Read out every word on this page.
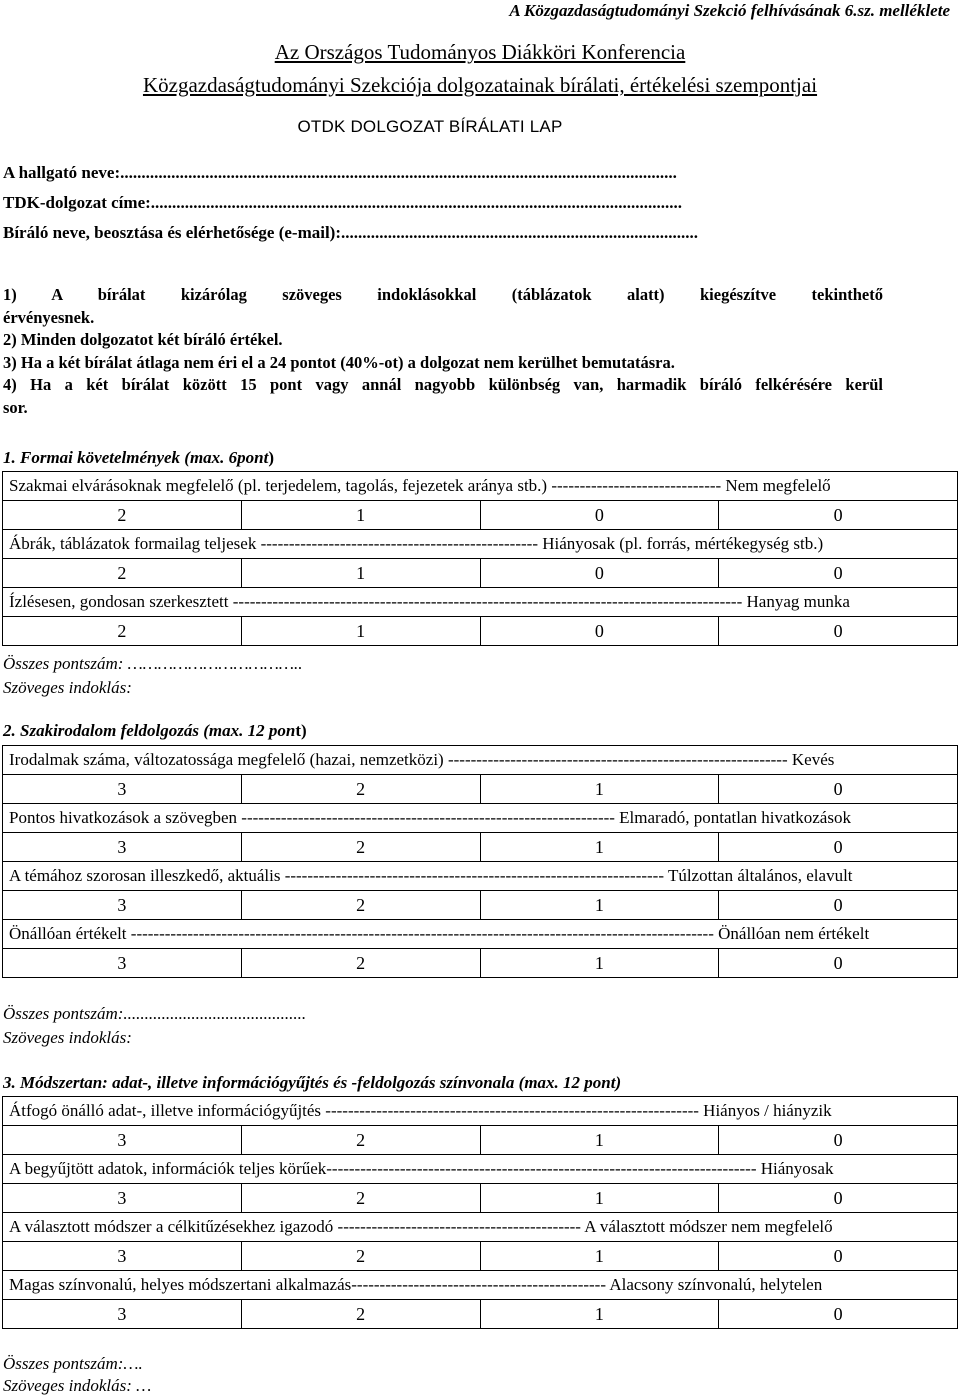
A Közgazdaságtudományi Szekció felhívásának 6.sz. melléklete
Az Országos Tudományos Diákköri Konferencia
Közgazdaságtudományi Szekciója dolgozatainak bírálati, értékelési szempontjai
OTDK DOLGOZAT BÍRÁLATI LAP
A hallgató neve:...................................................................................................................................
TDK-dolgozat címe:.............................................................................................................................
Bíráló neve, beosztása és elérhetősége (e-mail):....................................................................................

1) A bírálat kizárólag szöveges indoklásokkal (táblázatok alatt) kiegészítve tekinthető

érvényesnek.

2) Minden dolgozatot két bíráló értékel.

3) Ha a két bírálat átlaga nem éri el a 24 pontot (40%-ot) a dolgozat nem kerülhet bemutatásra.

4) Ha a két bírálat között 15 pont vagy annál nagyobb különbség van, harmadik bíráló felkérésére kerül

sor.

1. Formai követelmények (max. 6pont)
Szakmai elvárásoknak megfelelő (pl. terjedelem, tagolás, fejezetek aránya stb.) ------------------------------ Nem megfelelő			
2	1	0	0
Ábrák, táblázatok formailag teljesek ------------------------------------------------- Hiányosak (pl. forrás, mértékegység stb.)			
2	1	0	0
Ízlésesen, gondosan szerkesztett ------------------------------------------------------------------------------------------ Hanyag munka			
2	1	0	0
Összes pontszám: ……………………………..
Szöveges indoklás:
2. Szakirodalom feldolgozás (max. 12 pont)
Irodalmak száma, változatossága megfelelő (hazai, nemzetközi) ------------------------------------------------------------ Kevés			
3	2	1	0
Pontos hivatkozások a szövegben ------------------------------------------------------------------ Elmaradó, pontatlan hivatkozások			
3	2	1	0
A témához szorosan illeszkedő, aktuális ------------------------------------------------------------------- Túlzottan általános, elavult			
3	2	1	0
Önállóan értékelt ------------------------------------------------------------------------------------------------------- Önállóan nem értékelt			
3	2	1	0
Összes pontszám:...........................................
Szöveges indoklás:
3. Módszertan: adat-, illetve információgyűjtés és -feldolgozás színvonala (max. 12 pont)
Átfogó önálló adat-, illetve információgyűjtés ------------------------------------------------------------------ Hiányos / hiányzik			
3	2	1	0
A begyűjtött adatok, információk teljes körűek---------------------------------------------------------------------------- Hiányosak			
3	2	1	0
A választott módszer a célkitűzésekhez igazodó ------------------------------------------- A választott módszer nem megfelelő			
3	2	1	0
Magas színvonalú, helyes módszertani alkalmazás--------------------------------------------- Alacsony színvonalú, helytelen			
3	2	1	0
Összes pontszám:….
Szöveges indoklás: …
